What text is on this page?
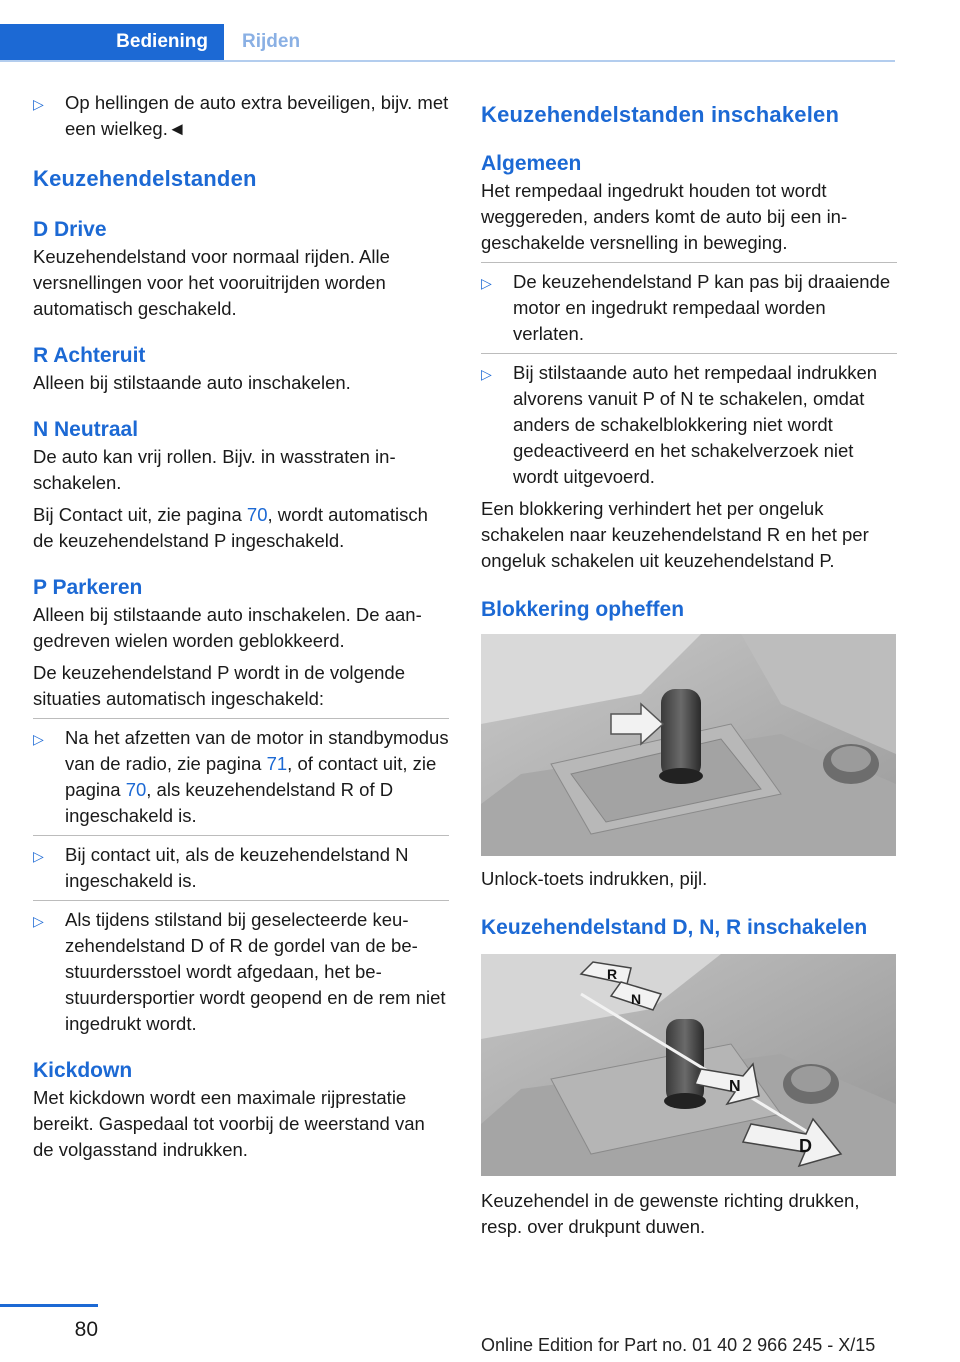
Bediening	Rijden
▷	Op hellingen de auto extra beveiligen, bijv. met een wielkeg.◄
Keuzehendelstanden
D Drive

Keuzehendelstand voor normaal rijden. Alle versnellingen voor het vooruitrijden worden automatisch geschakeld.

R Achteruit

Alleen bij stilstaande auto inschakelen.

N Neutraal

De auto kan vrij rollen. Bijv. in wasstraten inschakelen.

Bij Contact uit, zie pagina 70, wordt automatisch de keuzehendelstand P ingeschakeld.

P Parkeren

Alleen bij stilstaande auto inschakelen. De aangedreven wielen worden geblokkeerd.

De keuzehendelstand P wordt in de volgende situaties automatisch ingeschakeld:

▷	Na het afzetten van de motor in standbymodus van de radio, zie pagina 71, of contact uit, zie pagina 70, als keuzehendelstand R of D ingeschakeld is.
▷	Bij contact uit, als de keuzehendelstand N ingeschakeld is.
▷	Als tijdens stilstand bij geselecteerde keuzehendelstand D of R de gordel van de bestuurdersstoel wordt afgedaan, het bestuurdersportier wordt geopend en de rem niet ingedrukt wordt.
Kickdown

Met kickdown wordt een maximale rijprestatie bereikt. Gaspedaal tot voorbij de weerstand van de volgasstand indrukken.

Keuzehendelstanden inschakelen
Algemeen

Het rempedaal ingedrukt houden tot wordt weggereden, anders komt de auto bij een ingeschakelde versnelling in beweging.

▷	De keuzehendelstand P kan pas bij draaiende motor en ingedrukt rempedaal worden verlaten.
▷	Bij stilstaande auto het rempedaal indrukken alvorens vanuit P of N te schakelen, omdat anders de schakelblokkering niet wordt gedeactiveerd en het schakelverzoek niet wordt uitgevoerd.

Een blokkering verhindert het per ongeluk schakelen naar keuzehendelstand R en het per ongeluk schakelen uit keuzehendelstand P.

Blokkering opheffen

Unlock-toets indrukken, pijl.

Keuzehendelstand D, N, R inschakelen
R
N
N
D

Keuzehendel in de gewenste richting drukken, resp. over drukpunt duwen.

80
Online Edition for Part no. 01 40 2 966 245 - X/15
